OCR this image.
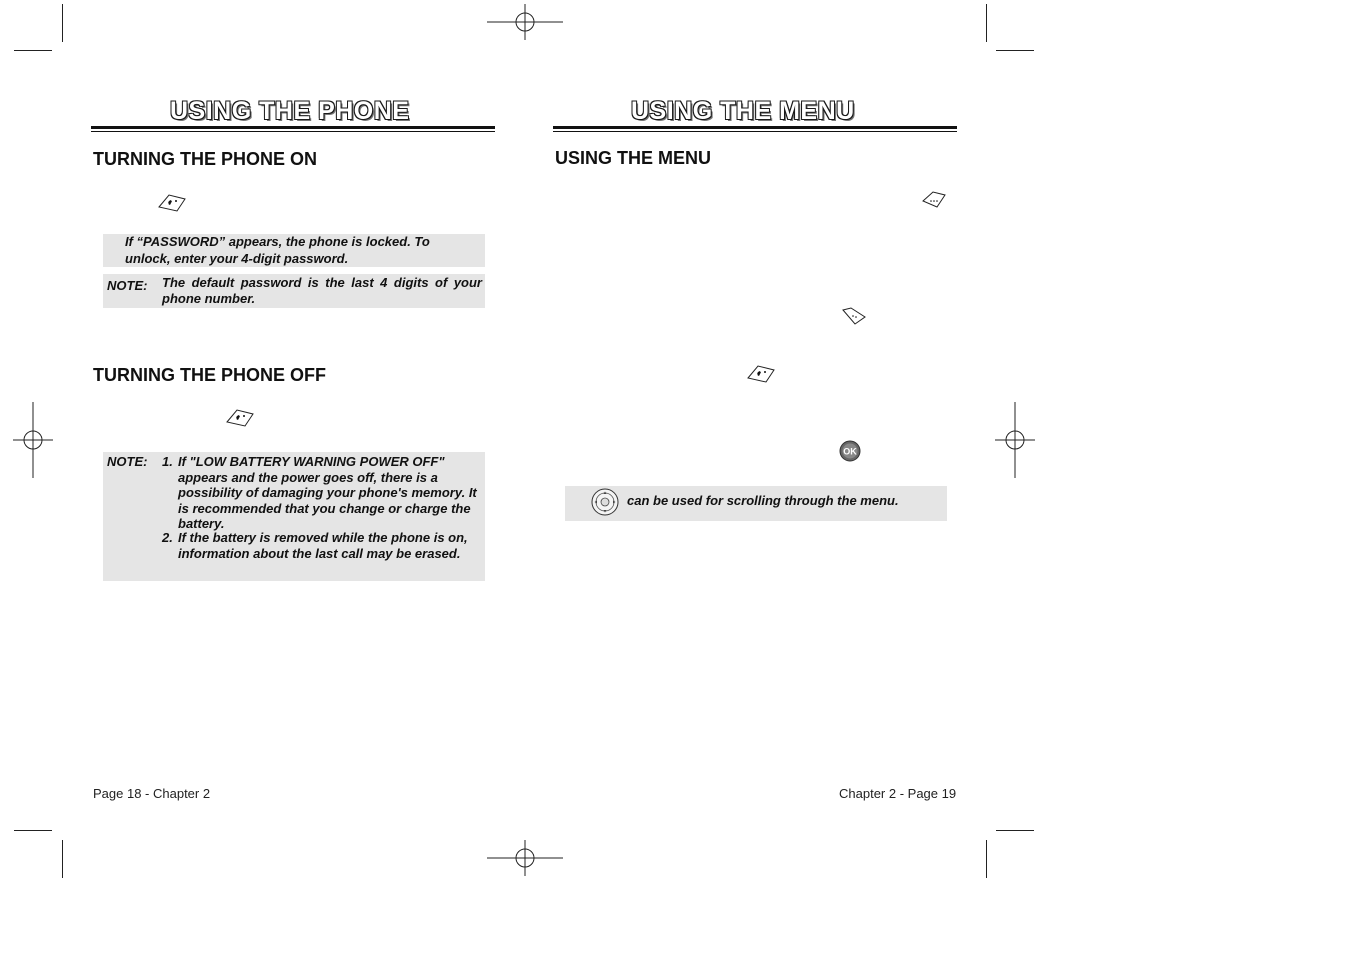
USING THE PHONE
TURNING THE PHONE ON
If “PASSWORD” appears, the phone is locked. To unlock, enter your 4-digit password.
NOTE: The default password is the last 4 digits of your phone number.
TURNING THE PHONE OFF
NOTE: 1. If "LOW BATTERY WARNING POWER OFF" appears and the power goes off, there is a possibility of damaging your phone's memory. It is recommended that you change or charge the battery.
2. If the battery is removed while the phone is on, information about the last call may be erased.
Page 18 - Chapter 2
USING THE MENU
USING THE MENU
OK
can be used for scrolling through the menu.
Chapter 2 - Page 19
